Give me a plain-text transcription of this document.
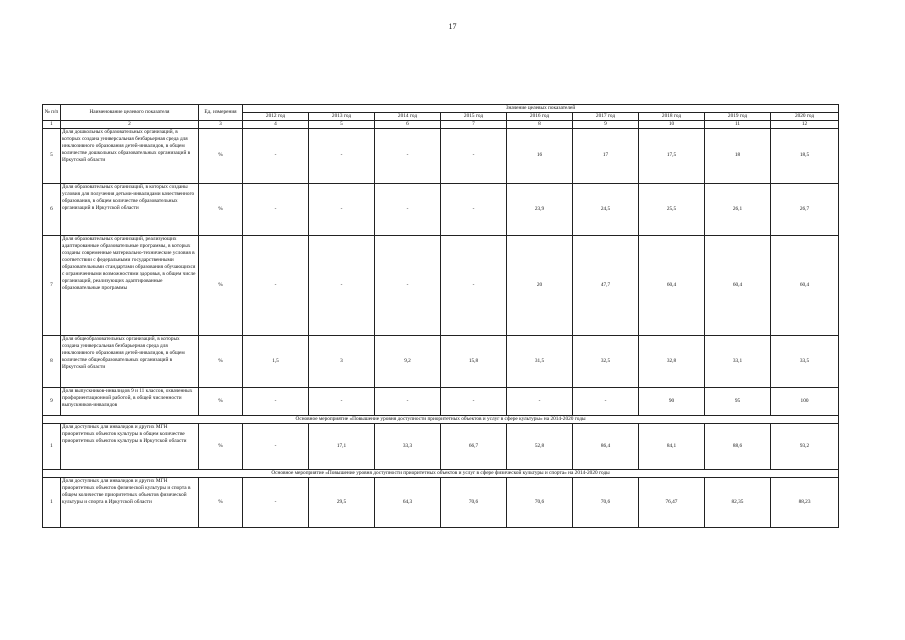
17
№ п/п	Наименование целевого показателя	Ед. измерения	Значение целевых показателей								
			2012 год	2013 год	2014 год	2015 год	2016 год	2017 год	2018 год	2019 год	2020 год
1	2	3	4	5	6	7	8	9	10	11	12
5	Доля дошкольных образовательных организаций, в которых создана универсальная безбарьерная среда для инклюзивного образования детей-инвалидов, в общем количестве дошкольных образовательных организаций в Иркутской области	%	-	-	-	-	16	17	17,5	18	18,5
6	Доля образовательных организаций, в которых созданы условия для получения детьми-инвалидами качественного образования, в общем количестве образовательных организаций в Иркутской области	%	-	-	-	-	23,9	24,5	25,5	26,1	26,7
7	Доля образовательных организаций, реализующих адаптированные образовательные программы, в которых созданы современные материально-технические условия в соответствии с федеральными государственными образовательными стандартами образования обучающихся с ограниченными возможностями здоровья, в общем числе организаций, реализующих адаптированные образовательные программы	%	-	-	-	-	20	47,7	60,4	60,4	60,4
8	Доля общеобразовательных организаций, в которых создана универсальная безбарьерная среда для инклюзивного образования детей-инвалидов, в общем количестве общеобразовательных организаций в Иркутской области	%	1,5	3	9,2	15,8	31,5	32,5	32,8	33,1	33,5
9	Доля выпускников-инвалидов 9 и 11 классов, охваченных профориентационной работой, в общей численности выпускников-инвалидов	%	-	-	-	-	-	-	90	95	100
Основное мероприятие «Повышение уровня доступности приоритетных объектов и услуг в сфере культуры» на 2014-2020 годы											
1	Доля доступных для инвалидов и других МГН приоритетных объектов культуры в общем количестве приоритетных объектов культуры в Иркутской области	%	-	17,1	33,3	66,7	52,8	86,4	84,1	88,6	93,2
Основное мероприятие «Повышение уровня доступности приоритетных объектов и услуг в сфере физической культуры и спорта» на 2014-2020 годы											
1	Доля доступных для инвалидов и других МГН приоритетных объектов физической культуры и спорта в общем количестве приоритетных объектов физической культуры и спорта в Иркутской области	%	-	29,5	64,3	70,6	70,6	70,6	76,47	82,35	88,23
